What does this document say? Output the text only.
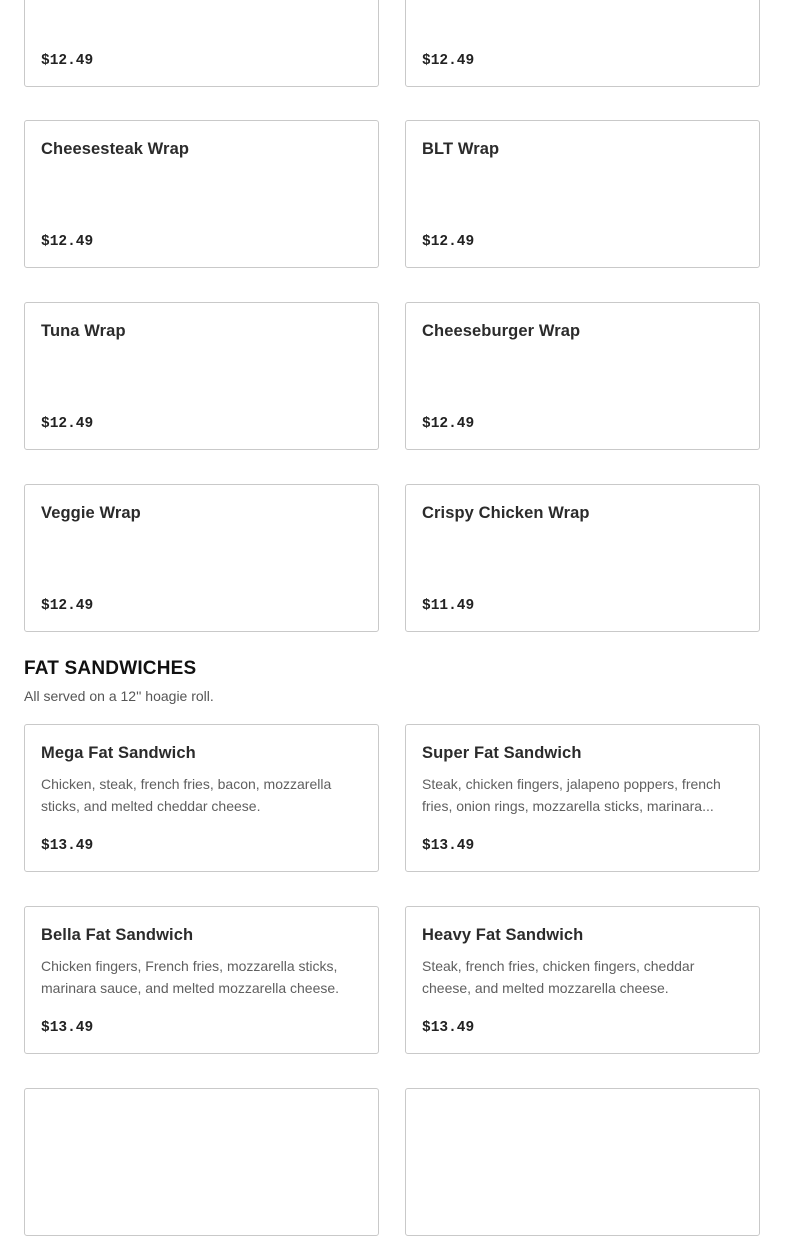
$12.49	$12.49
Cheesesteak Wrap
$12.49
BLT Wrap
$12.49
Tuna Wrap
$12.49
Cheeseburger Wrap
$12.49
Veggie Wrap
$12.49
Crispy Chicken Wrap
$11.49
FAT SANDWICHES

All served on a 12'' hoagie roll.

Mega Fat Sandwich
Chicken, steak, french fries, bacon, mozzarella sticks, and melted cheddar cheese.
$13.49
Super Fat Sandwich
Steak, chicken fingers, jalapeno poppers, french fries, onion rings, mozzarella sticks, marinara...
$13.49
Bella Fat Sandwich
Chicken fingers, French fries, mozzarella sticks, marinara sauce, and melted mozzarella cheese.
$13.49
Heavy Fat Sandwich
Steak, french fries, chicken fingers, cheddar cheese, and melted mozzarella cheese.
$13.49
